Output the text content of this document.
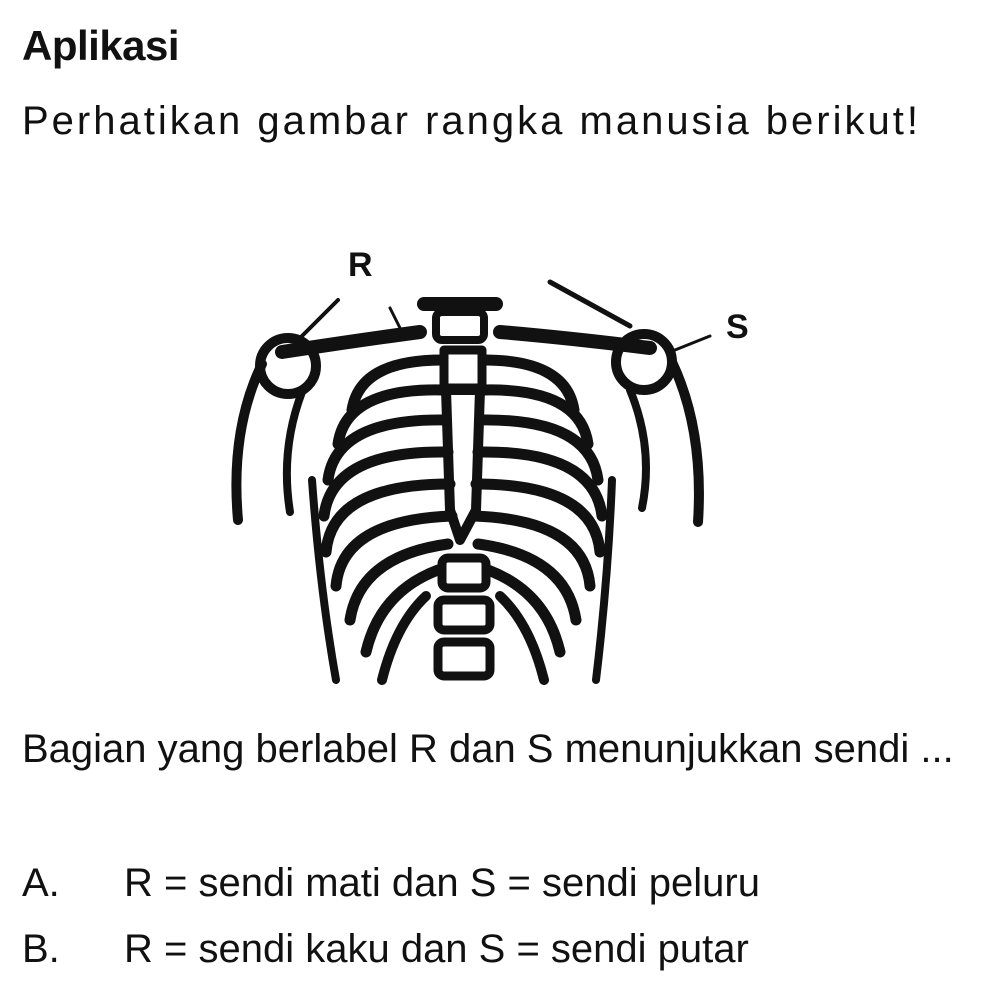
Aplikasi

Perhatikan gambar rangka manusia berikut!

R
S

Bagian yang berlabel R dan S menunjukkan sendi ...

A.	R = sendi mati dan S = sendi peluru
B.	R = sendi kaku dan S = sendi putar
